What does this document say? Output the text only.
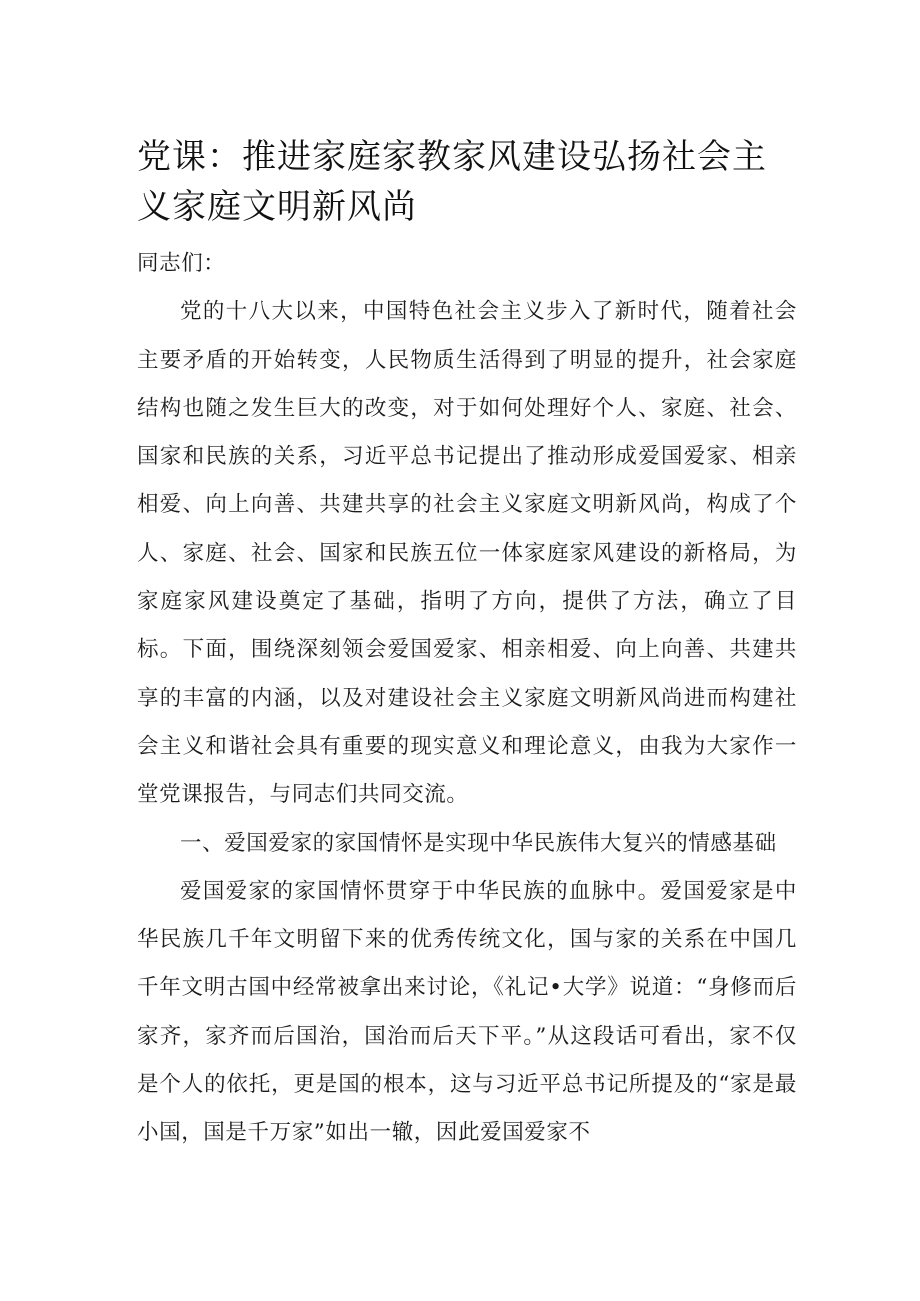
党课：推进家庭家教家风建设弘扬社会主义家庭文明新风尚

同志们：

党的十八大以来，中国特色社会主义步入了新时代，随着社会主要矛盾的开始转变，人民物质生活得到了明显的提升，社会家庭结构也随之发生巨大的改变，对于如何处理好个人、家庭、社会、国家和民族的关系，习近平总书记提出了推动形成爱国爱家、相亲相爱、向上向善、共建共享的社会主义家庭文明新风尚，构成了个人、家庭、社会、国家和民族五位一体家庭家风建设的新格局，为家庭家风建设奠定了基础，指明了方向，提供了方法，确立了目标。下面，围绕深刻领会爱国爱家、相亲相爱、向上向善、共建共享的丰富的内涵，以及对建设社会主义家庭文明新风尚进而构建社会主义和谐社会具有重要的现实意义和理论意义，由我为大家作一堂党课报告，与同志们共同交流。

一、爱国爱家的家国情怀是实现中华民族伟大复兴的情感基础

爱国爱家的家国情怀贯穿于中华民族的血脉中。爱国爱家是中华民族几千年文明留下来的优秀传统文化，国与家的关系在中国几千年文明古国中经常被拿出来讨论，《礼记•大学》说道：“身修而后家齐，家齐而后国治，国治而后天下平。”从这段话可看出，家不仅是个人的依托，更是国的根本，这与习近平总书记所提及的“家是最小国，国是千万家”如出一辙，因此爱国爱家不
